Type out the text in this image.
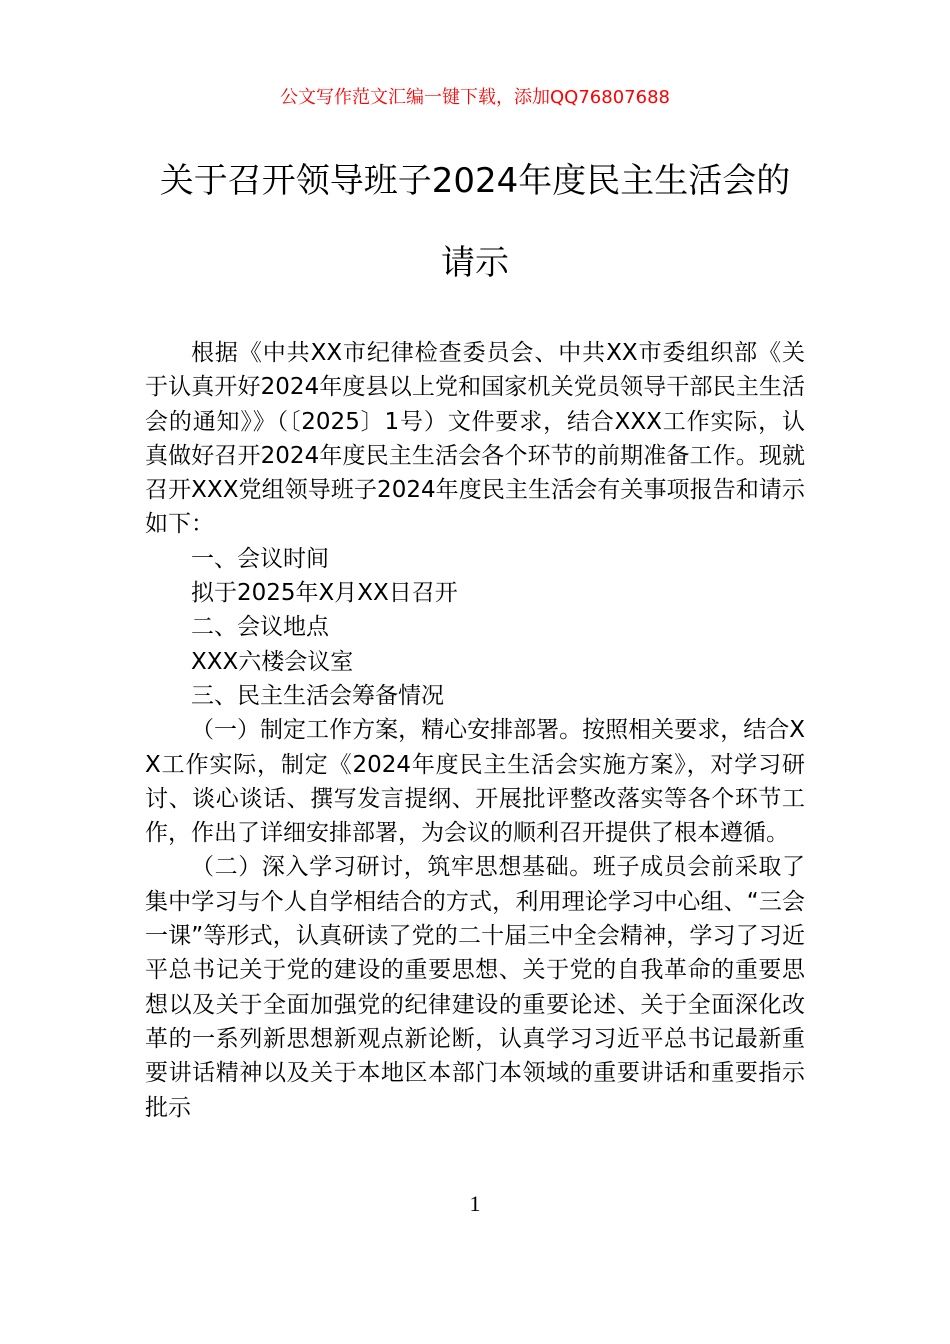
公文写作范文汇编一键下载，添加QQ76807688
关于召开领导班子2024年度民主生活会的
请示

根据《中共XX市纪律检查委员会、中共XX市委组织部《关于认真开好2024年度县以上党和国家机关党员领导干部民主生活会的通知》》（〔2025〕1号）文件要求，结合XXX工作实际，认真做好召开2024年度民主生活会各个环节的前期准备工作。现就召开XXX党组领导班子2024年度民主生活会有关事项报告和请示如下：

一、会议时间

拟于2025年X月XX日召开

二、会议地点

XXX六楼会议室

三、民主生活会筹备情况

（一）制定工作方案，精心安排部署。按照相关要求，结合XX工作实际，制定《2024年度民主生活会实施方案》，对学习研讨、谈心谈话、撰写发言提纲、开展批评整改落实等各个环节工作，作出了详细安排部署，为会议的顺利召开提供了根本遵循。

（二）深入学习研讨，筑牢思想基础。班子成员会前采取了集中学习与个人自学相结合的方式，利用理论学习中心组、“三会一课”等形式，认真研读了党的二十届三中全会精神，学习了习近平总书记关于党的建设的重要思想、关于党的自我革命的重要思想以及关于全面加强党的纪律建设的重要论述、关于全面深化改革的一系列新思想新观点新论断，认真学习习近平总书记最新重要讲话精神以及关于本地区本部门本领域的重要讲话和重要指示批示

1
